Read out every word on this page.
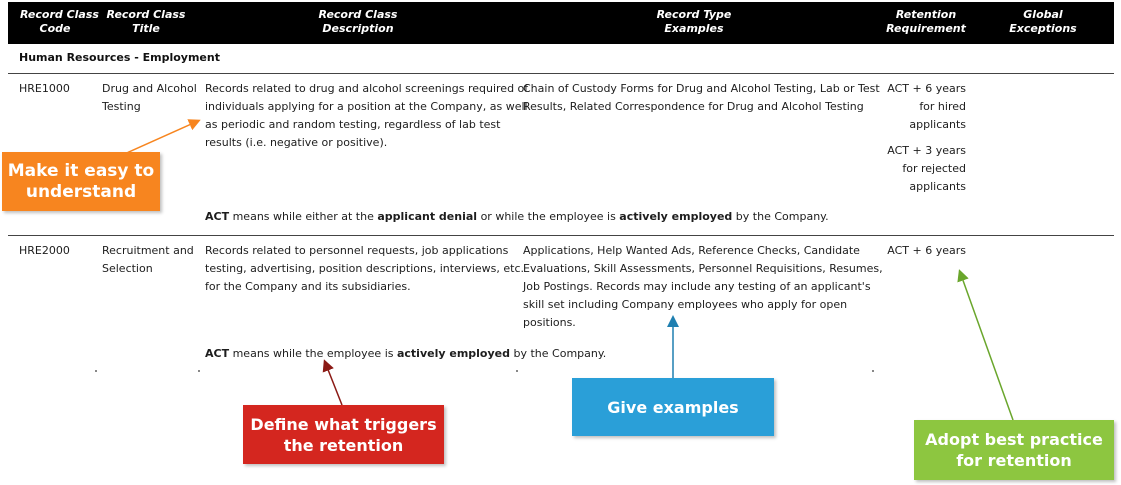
Record Class
Code
Record Class
Title
Record Class
Description
Record Type
Examples
Retention
Requirement
Global
Exceptions
Human Resources - Employment
HRE1000	Drug and Alcohol
Testing
Records related to drug and alcohol screenings required of
individuals applying for a position at the Company, as well
as periodic and random testing, regardless of lab test
results (i.e. negative or positive).
Chain of Custody Forms for Drug and Alcohol Testing, Lab or Test
Results, Related Correspondence for Drug and Alcohol Testing
ACT + 6 years
for hired
applicants
ACT + 3 years
for rejected
applicants
ACT means while either at the applicant denial or while the employee is actively employed by the Company.
HRE2000	Recruitment and
Selection
Records related to personnel requests, job applications
testing, advertising, position descriptions, interviews, etc.
for the Company and its subsidiaries.
Applications, Help Wanted Ads, Reference Checks, Candidate
Evaluations, Skill Assessments, Personnel Requisitions, Resumes,
Job Postings. Records may include any testing of an applicant's
skill set including Company employees who apply for open
positions.
ACT + 6 years
ACT means while the employee is actively employed by the Company.
Make it easy to
understand
Define what triggers
the retention
Give examples
Adopt best practice
for retention
